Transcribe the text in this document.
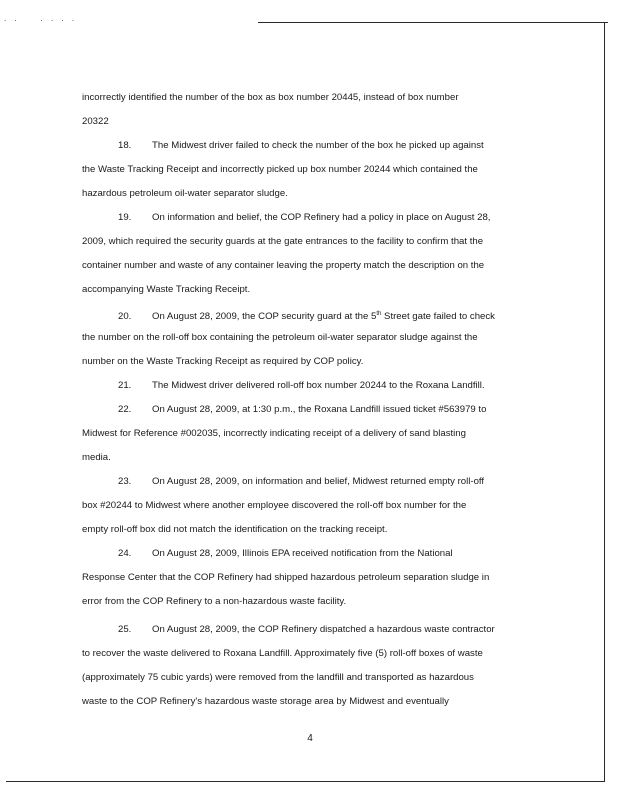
. .    . . . .
incorrectly identified the number of the box as box number 20445, instead of box number
20322
18. The Midwest driver failed to check the number of the box he picked up against
the Waste Tracking Receipt and incorrectly picked up box number 20244 which contained the
hazardous petroleum oil-water separator sludge.
19. On information and belief, the COP Refinery had a policy in place on August 28,
2009, which required the security guards at the gate entrances to the facility to confirm that the
container number and waste of any container leaving the property match the description on the
accompanying Waste Tracking Receipt.
20. On August 28, 2009, the COP security guard at the 5th Street gate failed to check
the number on the roll-off box containing the petroleum oil-water separator sludge against the
number on the Waste Tracking Receipt as required by COP policy.
21. The Midwest driver delivered roll-off box number 20244 to the Roxana Landfill.
22. On August 28, 2009, at 1:30 p.m., the Roxana Landfill issued ticket #563979 to
Midwest for Reference #002035, incorrectly indicating receipt of a delivery of sand blasting
media.
23. On August 28, 2009, on information and belief, Midwest returned empty roll-off
box #20244 to Midwest where another employee discovered the roll-off box number for the
empty roll-off box did not match the identification on the tracking receipt.
24. On August 28, 2009, Illinois EPA received notification from the National
Response Center that the COP Refinery had shipped hazardous petroleum separation sludge in
error from the COP Refinery to a non-hazardous waste facility.
25. On August 28, 2009, the COP Refinery dispatched a hazardous waste contractor
to recover the waste delivered to Roxana Landfill. Approximately five (5) roll-off boxes of waste
(approximately 75 cubic yards) were removed from the landfill and transported as hazardous
waste to the COP Refinery's hazardous waste storage area by Midwest and eventually
4
